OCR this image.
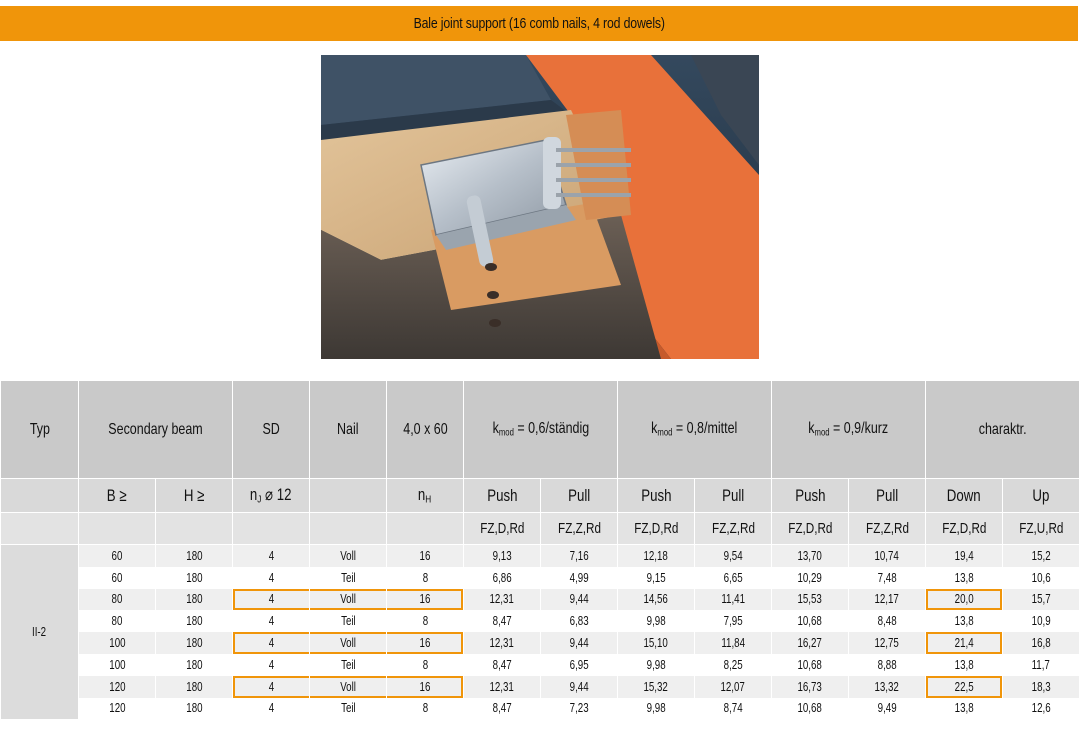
Bale joint support (16 comb nails, 4 rod dowels)
Typ	Secondary beam		SD	Nail	4,0 x 60	$k_{mod}$ = 0,6/ständig		$k_{mod}$ = 0,8/mittel		$k_{mod}$ = 0,9/kurz		charaktr.	
	B ≥	H ≥	$n_J$ ⌀ 12		$n_H$	Push	Pull	Push	Pull	Push	Pull	Down	Up
						FZ,D,Rd	FZ,Z,Rd	FZ,D,Rd	FZ,Z,Rd	FZ,D,Rd	FZ,Z,Rd	FZ,D,Rd	FZ,U,Rd
II-2	60	180	4	Voll	16	9,13	7,16	12,18	9,54	13,70	10,74	19,4	15,2
	60	180	4	Teil	8	6,86	4,99	9,15	6,65	10,29	7,48	13,8	10,6
	80	180	4	Voll	16	12,31	9,44	14,56	11,41	15,53	12,17	20,0	15,7
	80	180	4	Teil	8	8,47	6,83	9,98	7,95	10,68	8,48	13,8	10,9
	100	180	4	Voll	16	12,31	9,44	15,10	11,84	16,27	12,75	21,4	16,8
	100	180	4	Teil	8	8,47	6,95	9,98	8,25	10,68	8,88	13,8	11,7
	120	180	4	Voll	16	12,31	9,44	15,32	12,07	16,73	13,32	22,5	18,3
	120	180	4	Teil	8	8,47	7,23	9,98	8,74	10,68	9,49	13,8	12,6
